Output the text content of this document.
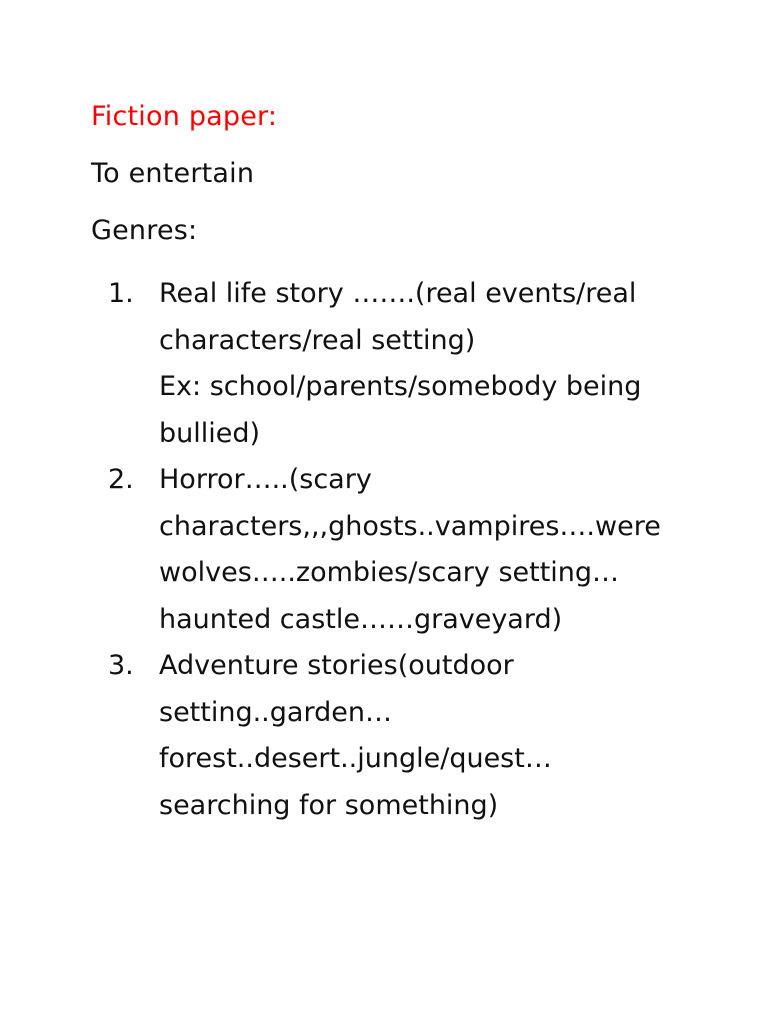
Fiction paper:
To entertain
Genres:
1. Real life story …….(real events/real
characters/real setting)
Ex: school/parents/somebody being
bullied)
2. Horror…..(scary
characters,,,ghosts..vampires….were
wolves…..zombies/scary setting…
haunted castle……graveyard)
3. Adventure stories(outdoor
setting..garden…
forest..desert..jungle/quest…
searching for something)
